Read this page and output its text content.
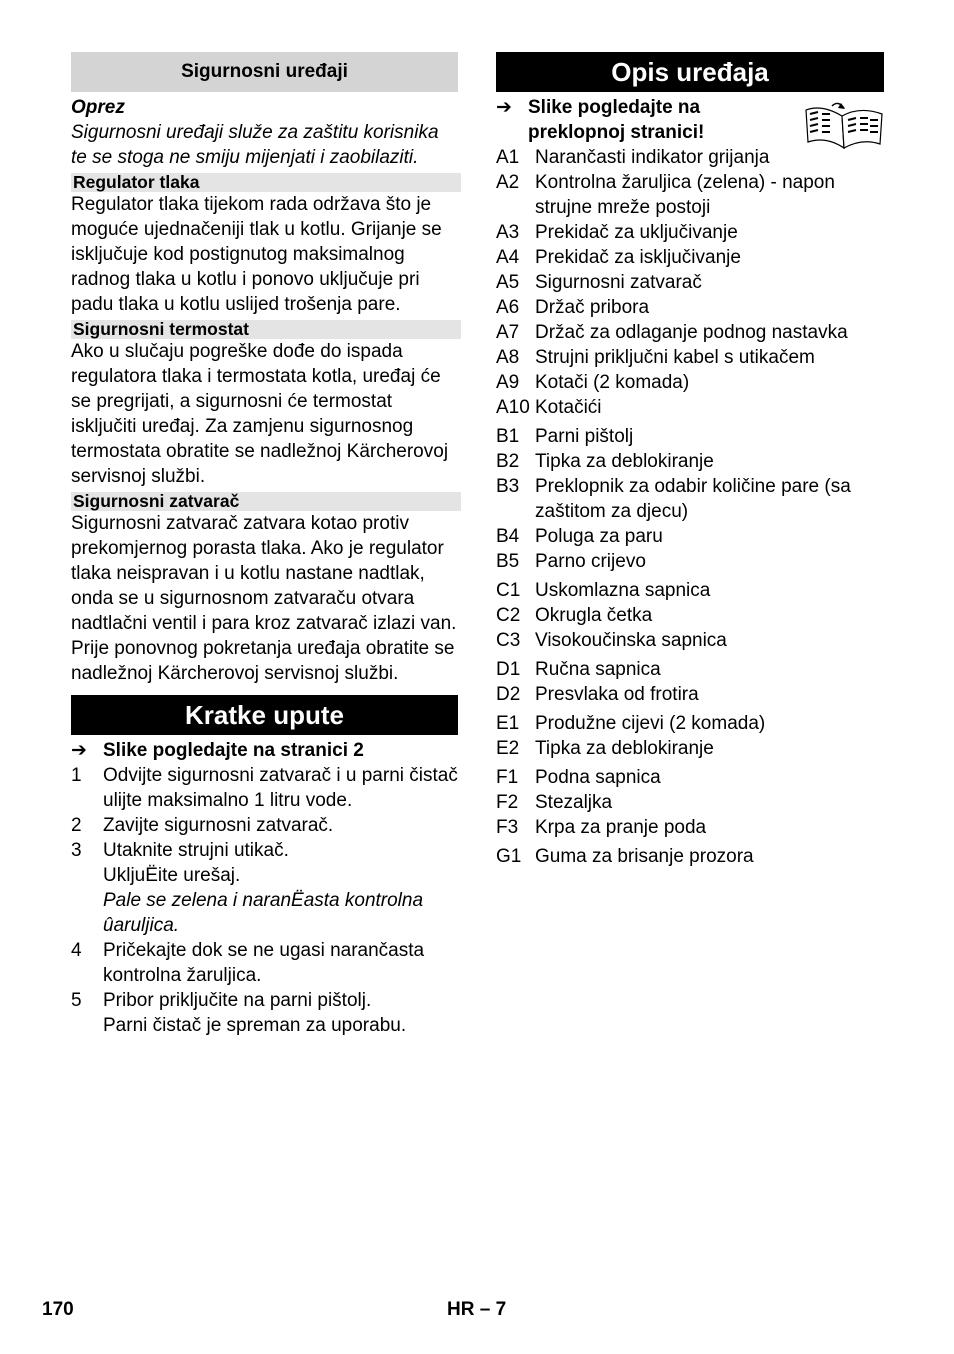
Sigurnosni uređaji

Oprez

Sigurnosni uređaji služe za zaštitu korisnika te se stoga ne smiju mijenjati i zaobilaziti.

Regulator tlaka
Regulator tlaka tijekom rada održava što je moguće ujednačeniji tlak u kotlu. Grijanje se isključuje kod postignutog maksimalnog radnog tlaka u kotlu i ponovo uključuje pri padu tlaka u kotlu uslijed trošenja pare.
Sigurnosni termostat
Ako u slučaju pogreške dođe do ispada regulatora tlaka i termostata kotla, uređaj će se pregrijati, a sigurnosni će termostat isključiti uređaj. Za zamjenu sigurnosnog termostata obratite se nadležnoj Kärcherovoj servisnoj službi.
Sigurnosni zatvarač
Sigurnosni zatvarač zatvara kotao protiv prekomjernog porasta tlaka. Ako je regulator tlaka neispravan i u kotlu nastane nadtlak, onda se u sigurnosnom zatvaraču otvara nadtlačni ventil i para kroz zatvarač izlazi van.
Prije ponovnog pokretanja uređaja obratite se nadležnoj Kärcherovoj servisnoj službi.
Kratke upute
➔ Slike pogledajte na stranici 2
1	Odvijte sigurnosni zatvarač i u parni čistač ulijte maksimalno 1 litru vode.

2	Zavijte sigurnosni zatvarač.

3	Utaknite strujni utikač.

UkljuËite urešaj.

Pale se zelena i naranËasta kontrolna ûaruljica.

4	Pričekajte dok se ne ugasi narančasta kontrolna žaruljica.

5	Pribor priključite na parni pištolj.

Parni čistač je spreman za uporabu.

Opis uređaja
➔ Slike pogledajte na preklopnoj stranici!
A1 Narančasti indikator grijanja
A2 Kontrolna žaruljica (zelena) - napon strujne mreže postoji
A3 Prekidač za uključivanje
A4 Prekidač za isključivanje
A5 Sigurnosni zatvarač
A6 Držač pribora
A7 Držač za odlaganje podnog nastavka
A8 Strujni priključni kabel s utikačem
A9 Kotači (2 komada)
A10 Kotačići
B1 Parni pištolj
B2 Tipka za deblokiranje
B3 Preklopnik za odabir količine pare (sa zaštitom za djecu)
B4 Poluga za paru
B5 Parno crijevo
C1 Uskomlazna sapnica
C2 Okrugla četka
C3 Visokoučinska sapnica
D1 Ručna sapnica
D2 Presvlaka od frotira
E1 Produžne cijevi (2 komada)
E2 Tipka za deblokiranje
F1 Podna sapnica
F2 Stezaljka
F3 Krpa za pranje poda
G1 Guma za brisanje prozora
170	HR – 7
